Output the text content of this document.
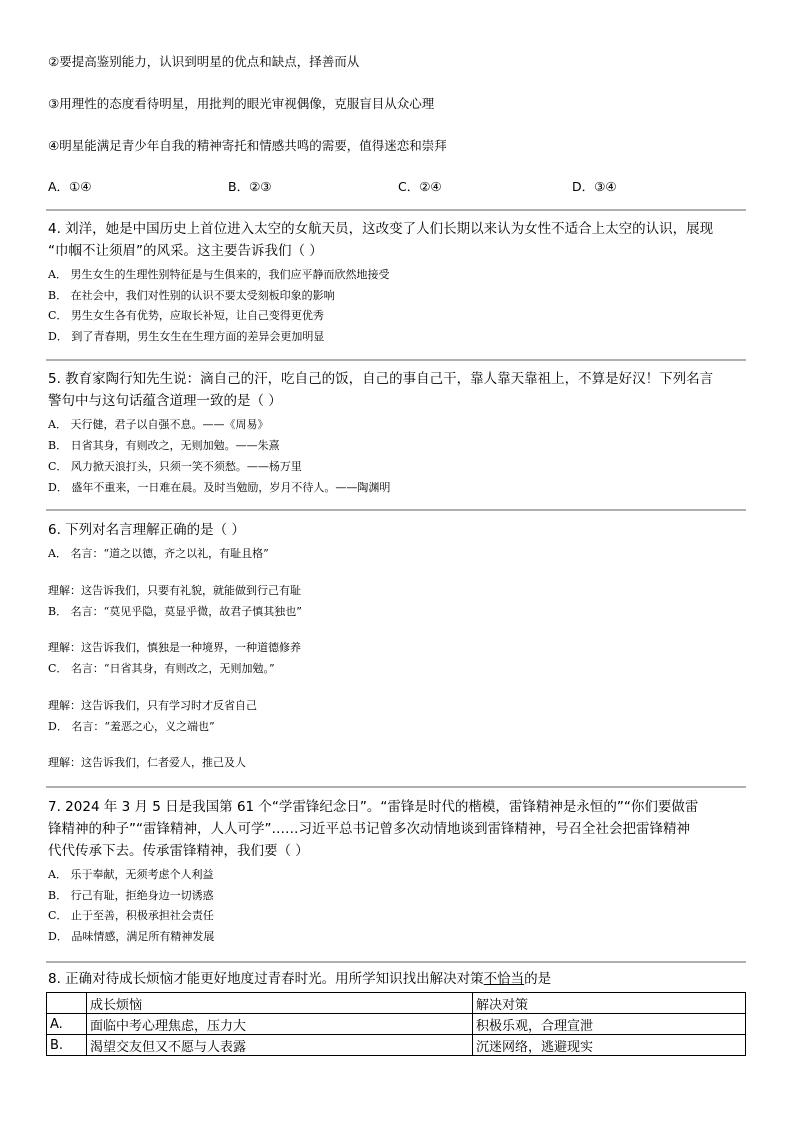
②要提高鉴别能力，认识到明星的优点和缺点，择善而从
③用理性的态度看待明星，用批判的眼光审视偶像，克服盲目从众心理
④明星能满足青少年自我的精神寄托和情感共鸣的需要，值得迷恋和崇拜
A．①④	B．②③	C．②④	D．③④
4. 刘洋，她是中国历史上首位进入太空的女航天员，这改变了人们长期以来认为女性不适合上太空的认识，展现
“巾帼不让须眉”的风采。这主要告诉我们（ ）
A． 男生女生的生理性别特征是与生俱来的，我们应平静而欣然地接受
B． 在社会中，我们对性别的认识不要太受刻板印象的影响
C． 男生女生各有优势，应取长补短，让自己变得更优秀
D． 到了青春期，男生女生在生理方面的差异会更加明显
5. 教育家陶行知先生说：滴自己的汗，吃自己的饭，自己的事自己干，靠人靠天靠祖上，不算是好汉！下列名言
警句中与这句话蕴含道理一致的是（ ）
A． 天行健，君子以自强不息。——《周易》
B． 日省其身，有则改之，无则加勉。——朱熹
C． 风力掀天浪打头，只须一笑不须愁。——杨万里
D． 盛年不重来，一日难在晨。及时当勉励，岁月不待人。——陶渊明
6. 下列对名言理解正确的是（ ）
A． 名言：“道之以德，齐之以礼，有耻且格”
理解：这告诉我们，只要有礼貌，就能做到行己有耻
B． 名言：“莫见乎隐，莫显乎微，故君子慎其独也”
理解：这告诉我们，慎独是一种境界，一种道德修养
C． 名言：“日省其身，有则改之，无则加勉。”
理解：这告诉我们，只有学习时才反省自己
D． 名言：“羞恶之心，义之端也”
理解：这告诉我们，仁者爱人，推己及人
7. 2024 年 3 月 5 日是我国第 61 个“学雷锋纪念日”。“雷锋是时代的楷模，雷锋精神是永恒的”“你们要做雷
锋精神的种子”“雷锋精神，人人可学”……习近平总书记曾多次动情地谈到雷锋精神，号召全社会把雷锋精神
代代传承下去。传承雷锋精神，我们要（ ）
A． 乐于奉献，无须考虑个人利益
B． 行己有耻，拒绝身边一切诱惑
C． 止于至善，积极承担社会责任
D． 品味情感，满足所有精神发展
8. 正确对待成长烦恼才能更好地度过青春时光。用所学知识找出解决对策不恰当的是
	成长烦恼	解决对策
A.	面临中考心理焦虑，压力大	积极乐观，合理宣泄
B.	渴望交友但又不愿与人表露	沉迷网络，逃避现实
